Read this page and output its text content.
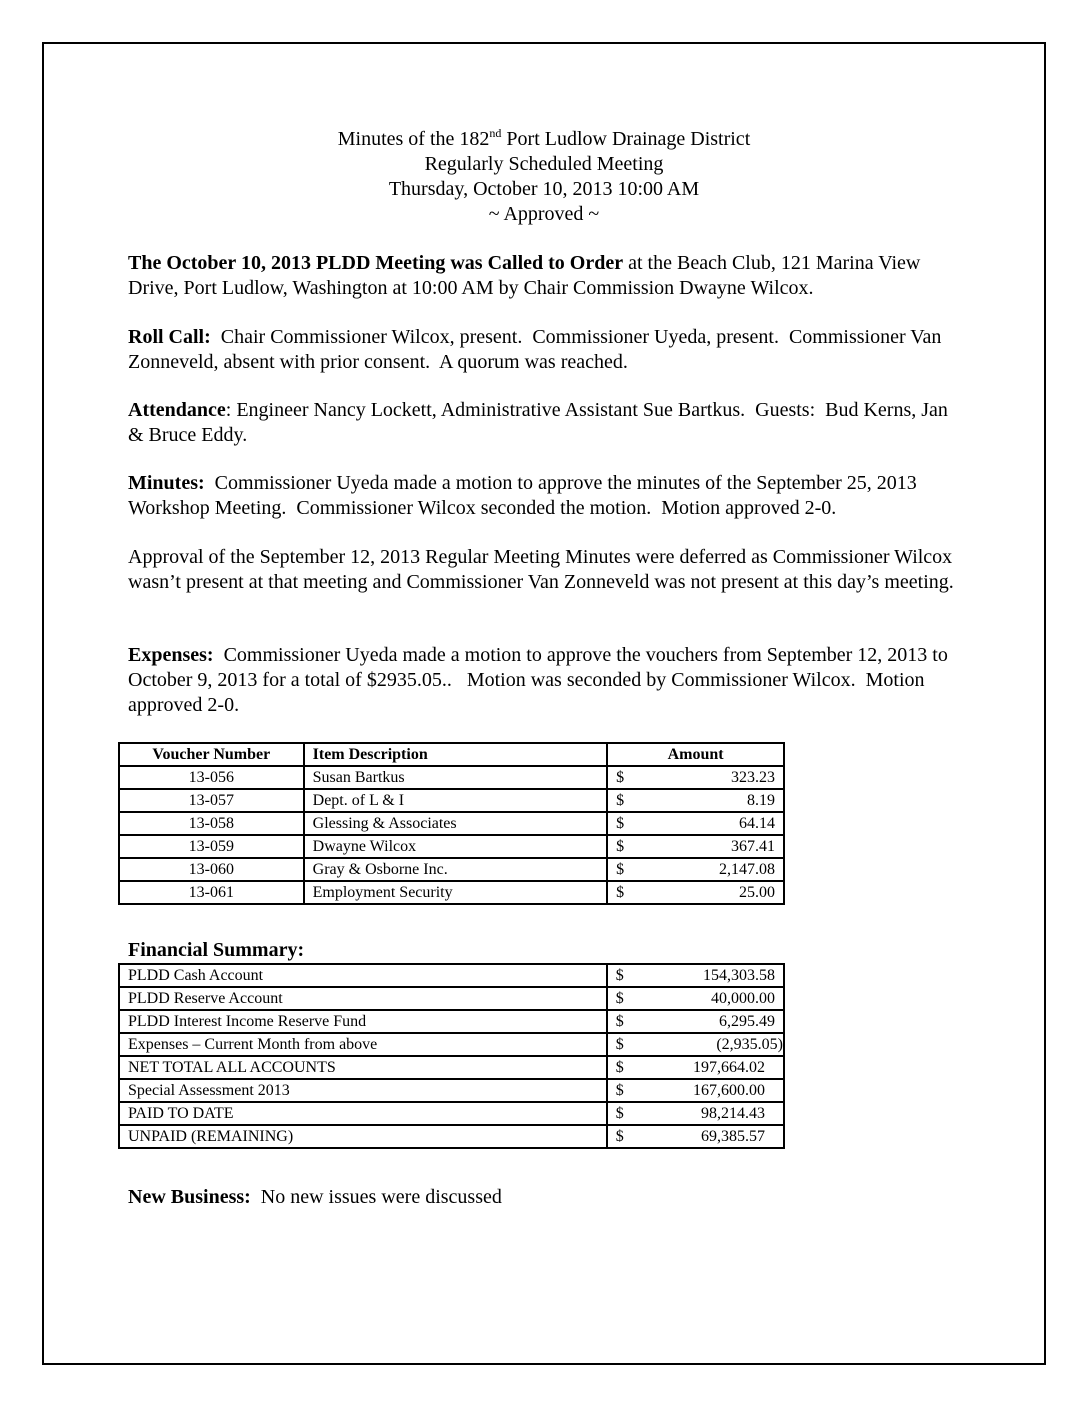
Minutes of the 182nd Port Ludlow Drainage District
Regularly Scheduled Meeting
Thursday, October 10, 2013 10:00 AM
~ Approved ~
The October 10, 2013 PLDD Meeting was Called to Order at the Beach Club, 121 Marina View Drive, Port Ludlow, Washington at 10:00 AM by Chair Commission Dwayne Wilcox.
Roll Call:  Chair Commissioner Wilcox, present.  Commissioner Uyeda, present.  Commissioner Van Zonneveld, absent with prior consent.  A quorum was reached.
Attendance: Engineer Nancy Lockett, Administrative Assistant Sue Bartkus.  Guests:  Bud Kerns, Jan & Bruce Eddy.
Minutes:  Commissioner Uyeda made a motion to approve the minutes of the September 25, 2013 Workshop Meeting.  Commissioner Wilcox seconded the motion.  Motion approved 2-0.
Approval of the September 12, 2013 Regular Meeting Minutes were deferred as Commissioner Wilcox wasn’t present at that meeting and Commissioner Van Zonneveld was not present at this day’s meeting.
Expenses:  Commissioner Uyeda made a motion to approve the vouchers from September 12, 2013 to October 9, 2013 for a total of $2935.05..   Motion was seconded by Commissioner Wilcox.  Motion approved 2-0.
Voucher Number	Item Description	Amount
13-056	Susan Bartkus	$ 323.23

13-057	Dept. of L & I	$ 8.19

13-058	Glessing & Associates	$ 64.14

13-059	Dwayne Wilcox	$ 367.41

13-060	Gray & Osborne Inc.	$ 2,147.08

13-061	Employment Security	$ 25.00
Financial Summary:
PLDD Cash Account	$ 154,303.58

PLDD Reserve Account	$ 40,000.00

PLDD Interest Income Reserve Fund	$ 6,295.49

Expenses – Current Month from above	$ (2,935.05)

NET TOTAL ALL ACCOUNTS	$ 197,664.02

Special Assessment 2013	$ 167,600.00

PAID TO DATE	$ 98,214.43

UNPAID (REMAINING)	$ 69,385.57
New Business:  No new issues were discussed
